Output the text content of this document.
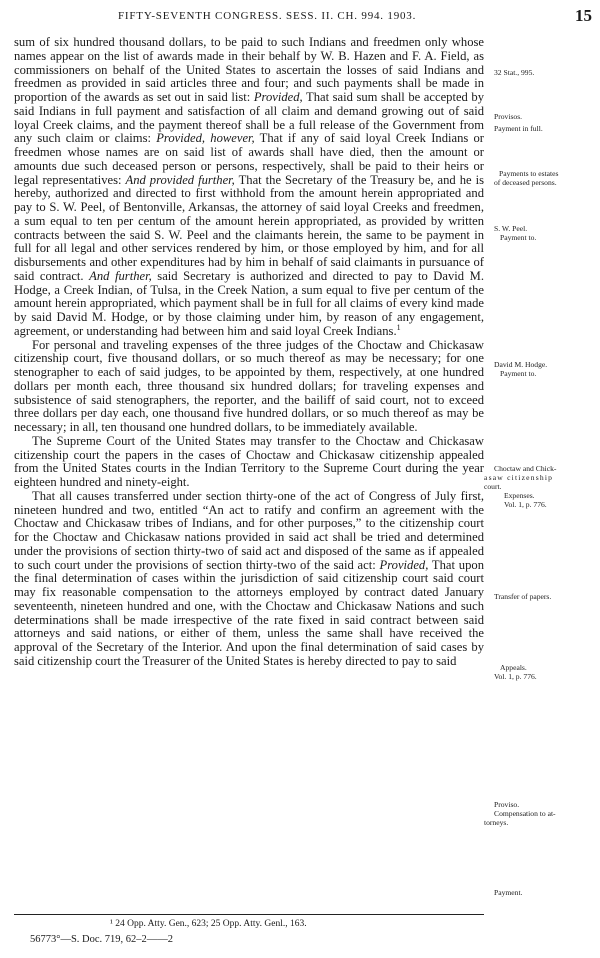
FIFTY-SEVENTH CONGRESS. SESS. II. CH. 994. 1903.	15

sum of six hundred thousand dollars, to be paid to such Indians and freedmen only whose names appear on the list of awards made in their behalf by W. B. Hazen and F. A. Field, as commissioners on behalf of the United States to ascertain the losses of said Indians and freedmen as provided in said articles three and four; and such payments shall be made in proportion of the awards as set out in said list: Provided, That said sum shall be accepted by said Indians in full payment and satisfaction of all claim and demand growing out of said loyal Creek claims, and the payment thereof shall be a full release of the Government from any such claim or claims: Provided, however, That if any of said loyal Creek Indians or freedmen whose names are on said list of awards shall have died, then the amount or amounts due such deceased person or persons, respectively, shall be paid to their heirs or legal representatives: And provided further, That the Secretary of the Treasury be, and he is hereby, authorized and directed to first withhold from the amount herein appropriated and pay to S. W. Peel, of Bentonville, Arkansas, the attorney of said loyal Creeks and freedmen, a sum equal to ten per centum of the amount herein appropriated, as provided by written contracts between the said S. W. Peel and the claimants herein, the same to be payment in full for all legal and other services rendered by him, or those employed by him, and for all disbursements and other expenditures had by him in behalf of said claimants in pursuance of said contract. And further, said Secretary is authorized and directed to pay to David M. Hodge, a Creek Indian, of Tulsa, in the Creek Nation, a sum equal to five per centum of the amount herein appropriated, which payment shall be in full for all claims of every kind made by said David M. Hodge, or by those claiming under him, by reason of any engagement, agreement, or understanding had between him and said loyal Creek Indians.$^1$

For personal and traveling expenses of the three judges of the Choctaw and Chickasaw citizenship court, five thousand dollars, or so much thereof as may be necessary; for one stenographer to each of said judges, to be appointed by them, respectively, at one hundred dollars per month each, three thousand six hundred dollars; for traveling expenses and subsistence of said stenographers, the reporter, and the bailiff of said court, not to exceed three dollars per day each, one thousand five hundred dollars, or so much thereof as may be necessary; in all, ten thousand one hundred dollars, to be immediately available.

The Supreme Court of the United States may transfer to the Choctaw and Chickasaw citizenship court the papers in the cases of Choctaw and Chickasaw citizenship appealed from the United States courts in the Indian Territory to the Supreme Court during the year eighteen hundred and ninety-eight.

That all causes transferred under section thirty-one of the act of Congress of July first, nineteen hundred and two, entitled “An act to ratify and confirm an agreement with the Choctaw and Chickasaw tribes of Indians, and for other purposes,” to the citizenship court for the Choctaw and Chickasaw nations provided in said act shall be tried and determined under the provisions of section thirty-two of said act and disposed of the same as if appealed to such court under the provisions of section thirty-two of the said act: Provided, That upon the final determination of cases within the jurisdiction of said citizenship court said court may fix reasonable compensation to the attorneys employed by contract dated January seventeenth, nineteen hundred and one, with the Choctaw and Chickasaw Nations and such determinations shall be made irrespective of the rate fixed in said contract between said attorneys and said nations, or either of them, unless the same shall have received the approval of the Secretary of the Interior. And upon the final determination of said cases by said citizenship court the Treasurer of the United States is hereby directed to pay to said

32 Stat., 995.
Provisos.
Payment in full.
Payments to estates
of deceased persons.
S. W. Peel.
Payment to.
David M. Hodge.
Payment to.
Choctaw and Chick-
asaw citizenship
court.
Expenses.
Vol. 1, p. 776.
Transfer of papers.
Appeals.
Vol. 1, p. 776.
Proviso.
Compensation to at-
torneys.
Payment.
¹ 24 Opp. Atty. Gen., 623; 25 Opp. Atty. Genl., 163.
56773°—S. Doc. 719, 62–2——2
